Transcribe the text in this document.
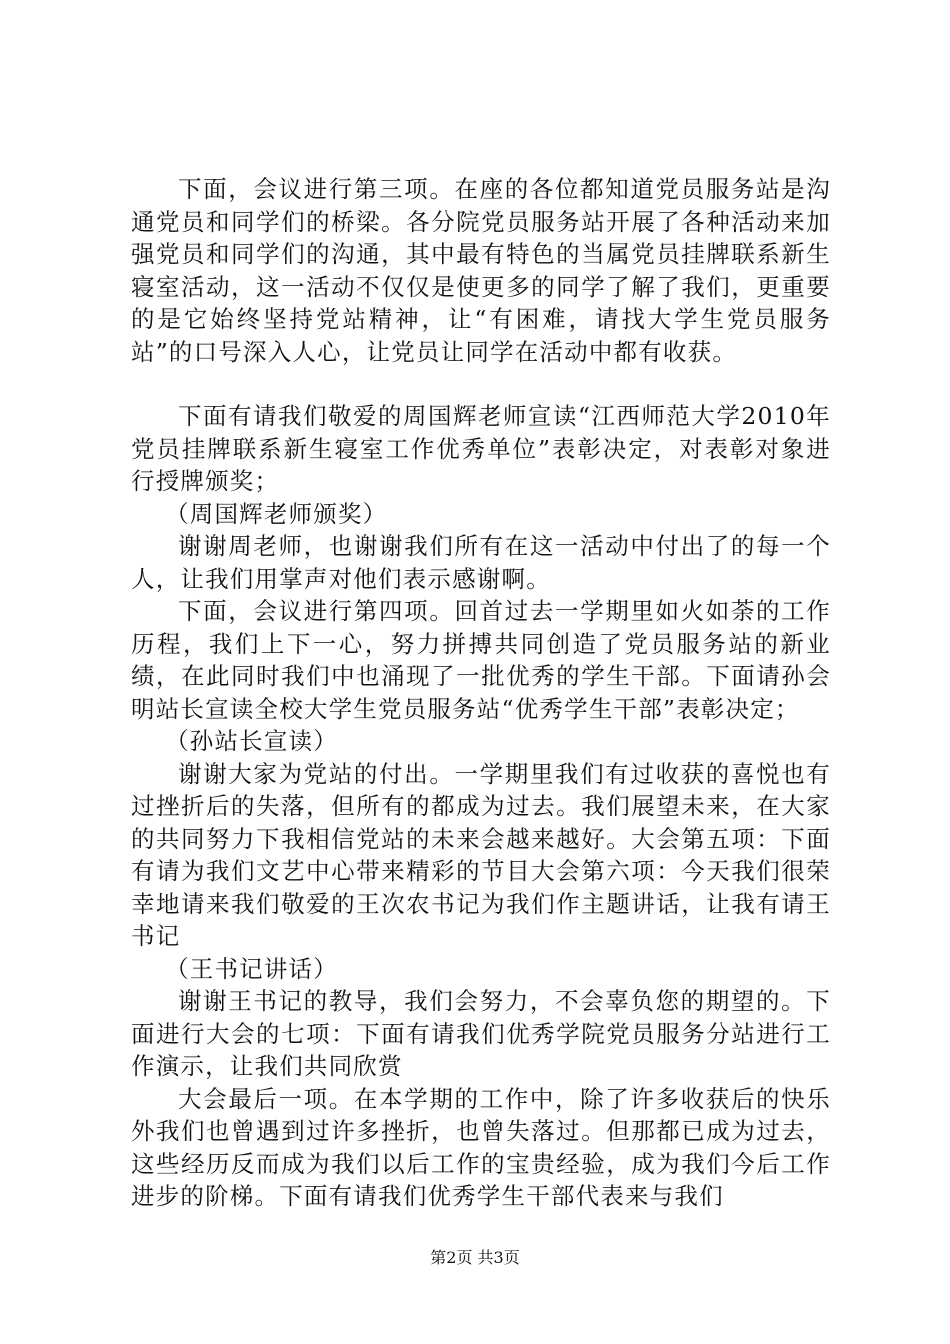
下面，会议进行第三项。在座的各位都知道党员服务站是沟通党员和同学们的桥梁。各分院党员服务站开展了各种活动来加强党员和同学们的沟通，其中最有特色的当属党员挂牌联系新生寝室活动，这一活动不仅仅是使更多的同学了解了我们，更重要的是它始终坚持党站精神，让“有困难，请找大学生党员服务站”的口号深入人心，让党员让同学在活动中都有收获。

下面有请我们敬爱的周国辉老师宣读“江西师范大学2010年党员挂牌联系新生寝室工作优秀单位”表彰决定，对表彰对象进行授牌颁奖；

（周国辉老师颁奖）

谢谢周老师，也谢谢我们所有在这一活动中付出了的每一个人，让我们用掌声对他们表示感谢啊。

下面，会议进行第四项。回首过去一学期里如火如荼的工作历程，我们上下一心，努力拼搏共同创造了党员服务站的新业绩，在此同时我们中也涌现了一批优秀的学生干部。下面请孙会明站长宣读全校大学生党员服务站“优秀学生干部”表彰决定；

（孙站长宣读）

谢谢大家为党站的付出。一学期里我们有过收获的喜悦也有过挫折后的失落，但所有的都成为过去。我们展望未来，在大家的共同努力下我相信党站的未来会越来越好。大会第五项：下面有请为我们文艺中心带来精彩的节目大会第六项：今天我们很荣幸地请来我们敬爱的王次农书记为我们作主题讲话，让我有请王书记

（王书记讲话）

谢谢王书记的教导，我们会努力，不会辜负您的期望的。下面进行大会的七项：下面有请我们优秀学院党员服务分站进行工作演示，让我们共同欣赏

大会最后一项。在本学期的工作中，除了许多收获后的快乐外我们也曾遇到过许多挫折，也曾失落过。但那都已成为过去，这些经历反而成为我们以后工作的宝贵经验，成为我们今后工作进步的阶梯。下面有请我们优秀学生干部代表来与我们

第2页 共3页
